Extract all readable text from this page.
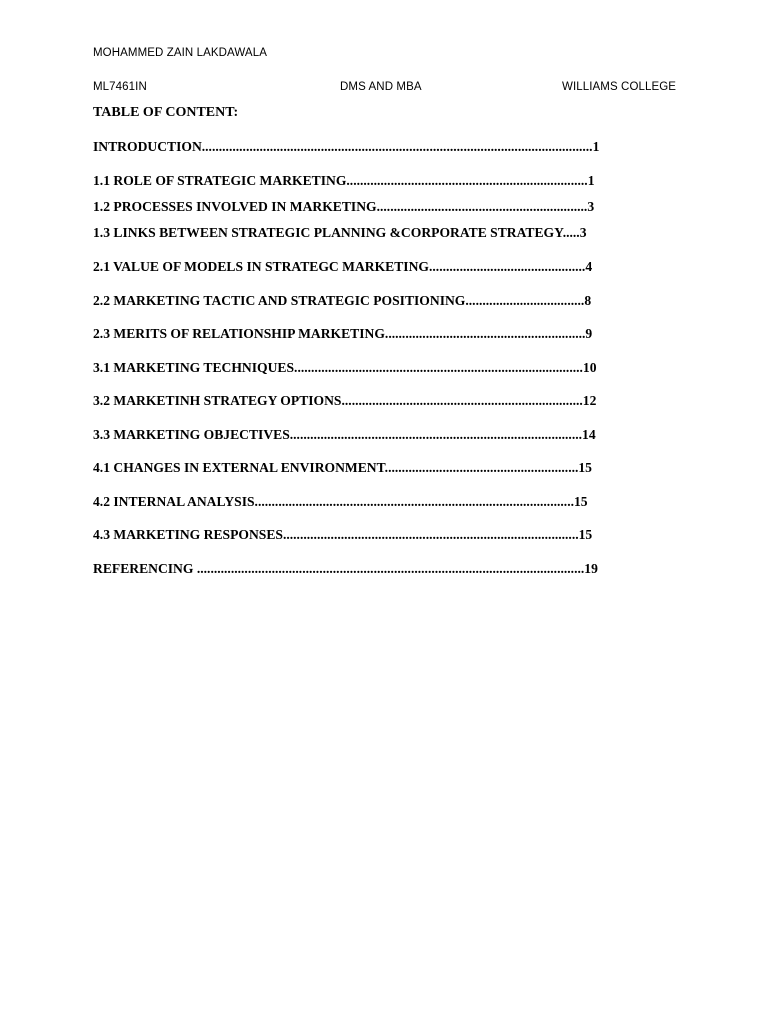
MOHAMMED ZAIN LAKDAWALA
ML7461IN	DMS AND MBA	WILLIAMS COLLEGE
TABLE OF CONTENT:
INTRODUCTION...................................................................................................................1
1.1 ROLE OF STRATEGIC MARKETING.......................................................................1
1.2 PROCESSES INVOLVED IN MARKETING..............................................................3
1.3 LINKS BETWEEN STRATEGIC PLANNING &CORPORATE STRATEGY.....3
2.1 VALUE OF MODELS IN STRATEGC MARKETING..............................................4
2.2 MARKETING TACTIC AND STRATEGIC POSITIONING...................................8
2.3 MERITS OF RELATIONSHIP MARKETING...........................................................9
3.1 MARKETING TECHNIQUES.....................................................................................10
3.2 MARKETINH STRATEGY OPTIONS.......................................................................12
3.3 MARKETING OBJECTIVES......................................................................................14
4.1 CHANGES IN EXTERNAL ENVIRONMENT.........................................................15
4.2 INTERNAL ANALYSIS..............................................................................................15
4.3 MARKETING RESPONSES.......................................................................................15
REFERENCING ..................................................................................................................19
